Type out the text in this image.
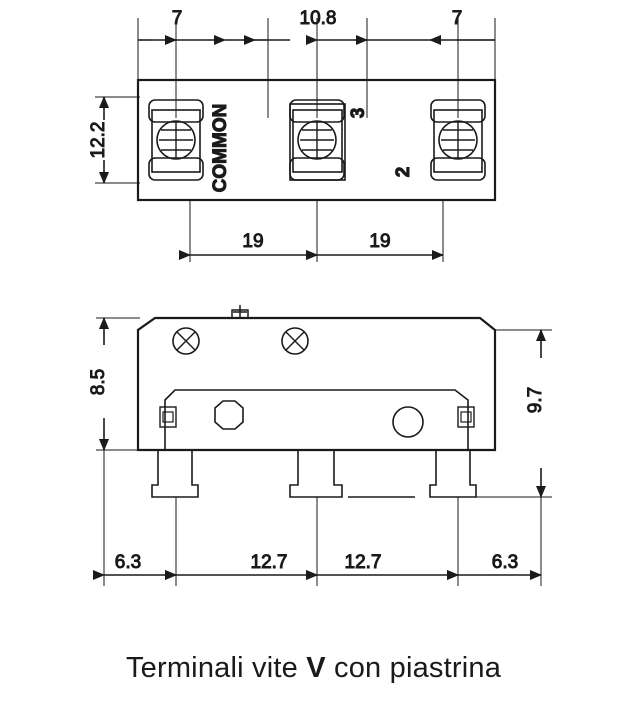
7	10.8	7
12.2	COMMON	3
2
19	19
8.5
9.7
6.3	12.7	12.7	6.3
Terminali vite V con piastrina
